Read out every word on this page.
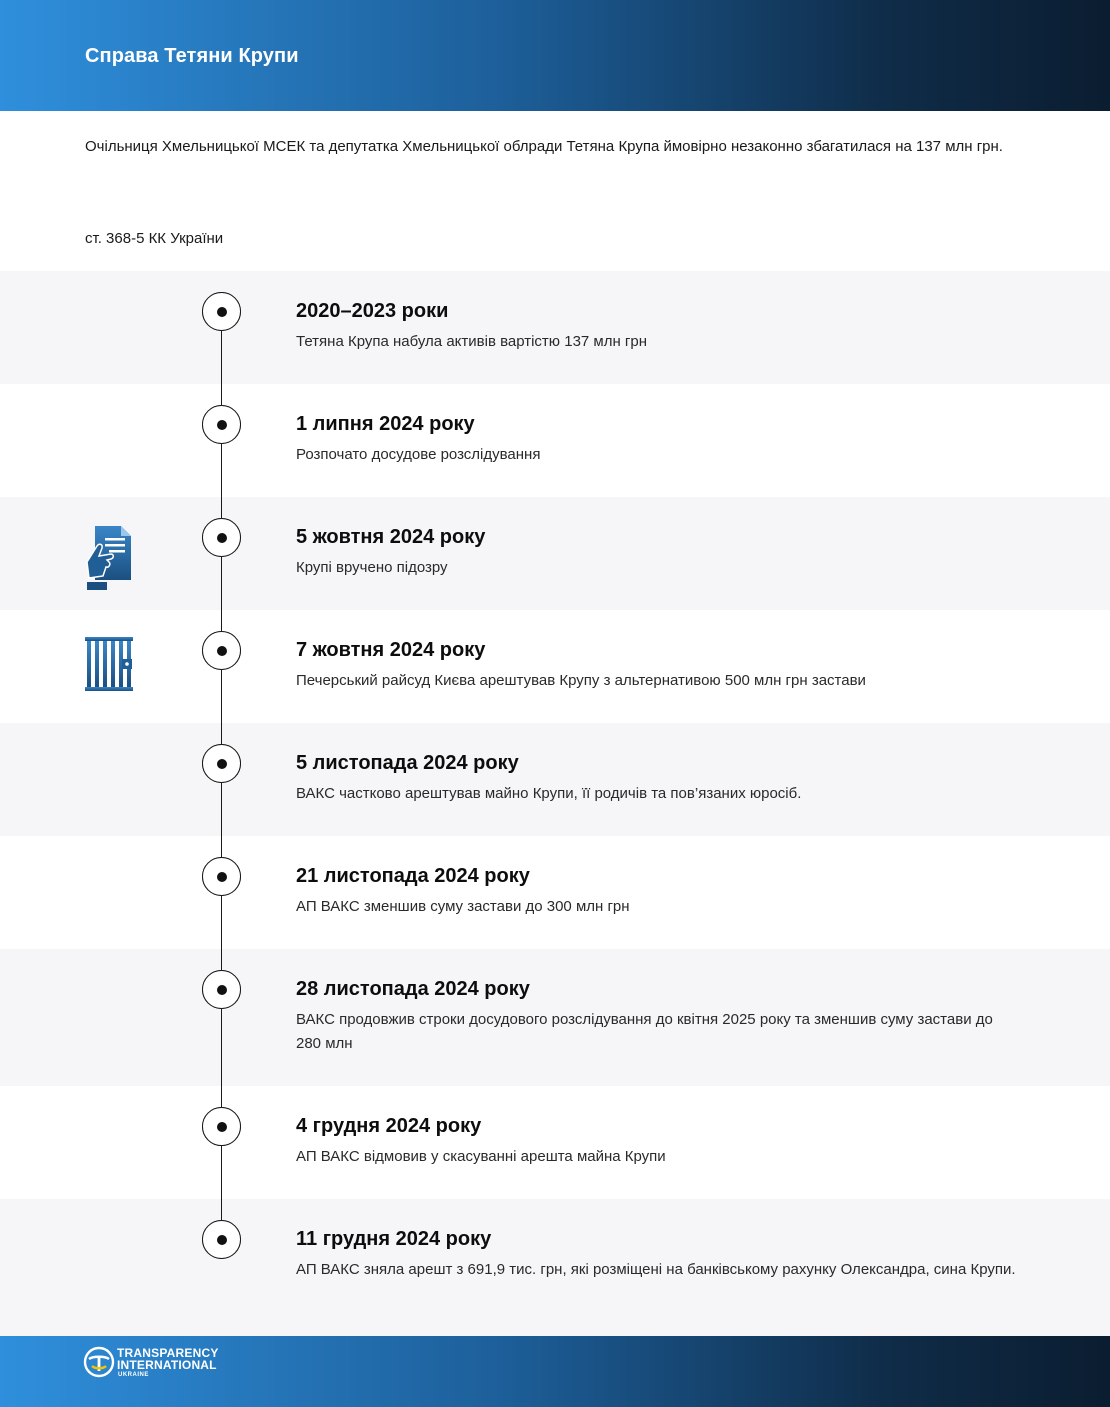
Справа Тетяни Крупи
Очільниця Хмельницької МСЕК та депутатка Хмельницької облради Тетяна Крупа ймовірно незаконно збагатилася на 137 млн грн.
ст. 368-5 КК України
2020–2023 роки
Тетяна Крупа набула активів вартістю 137 млн грн
1 липня 2024 року
Розпочато досудове розслідування
5 жовтня 2024 року
Крупі вручено підозру
7 жовтня 2024 року
Печерський райсуд Києва арештував Крупу з альтернативою 500 млн грн застави
5 листопада 2024 року
ВАКС частково арештував майно Крупи, її родичів та пов’язаних юросіб.
21 листопада 2024 року
АП ВАКС зменшив суму застави до 300 млн грн
28 листопада 2024 року
ВАКС продовжив строки досудового розслідування до квітня 2025 року та зменшив суму застави до 280 млн
4 грудня 2024 року
АП ВАКС відмовив у скасуванні арешта майна Крупи
11 грудня 2024 року
АП ВАКС зняла арешт з 691,9 тис. грн, які розміщені на банківському рахунку Олександра, сина Крупи.
TRANSPARENCY
INTERNATIONAL
UKRAINE
